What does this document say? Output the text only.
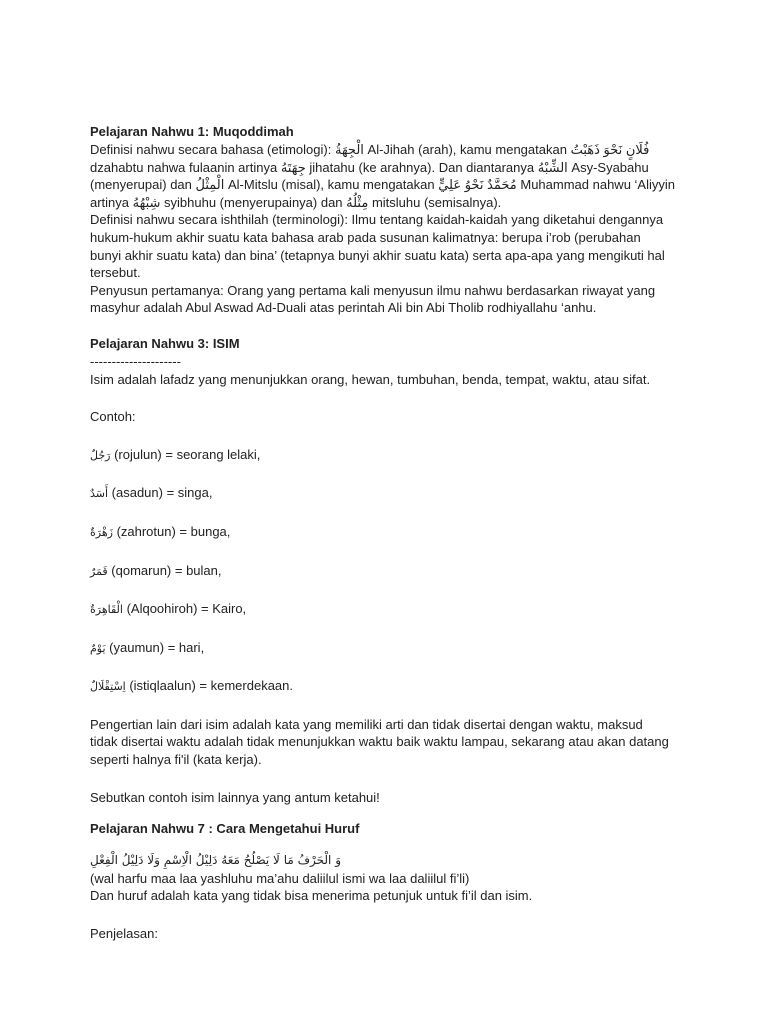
Pelajaran Nahwu 1: Muqoddimah
Definisi nahwu secara bahasa (etimologi): الْجِهَةُ Al-Jihah (arah), kamu mengatakan فُلَانٍ نَحْوَ ذَهَبْتُ
dzahabtu nahwa fulaanin artinya جِهَتَهُ jihatahu (ke arahnya). Dan diantaranya الشِّبْهُ Asy-Syabahu
(menyerupai) dan الْمِثْلُ Al-Mitslu (misal), kamu mengatakan مُحَمَّدٌ نَحْوُ عَلِيٍّ Muhammad nahwu ‘Aliyyin
artinya شِبْهُهُ syibhuhu (menyerupainya) dan مِثْلُهُ mitsluhu (semisalnya).
Definisi nahwu secara ishthilah (terminologi): Ilmu tentang kaidah-kaidah yang diketahui dengannya
hukum-hukum akhir suatu kata bahasa arab pada susunan kalimatnya: berupa i’rob (perubahan
bunyi akhir suatu kata) dan bina’ (tetapnya bunyi akhir suatu kata) serta apa-apa yang mengikuti hal
tersebut.
Penyusun pertamanya: Orang yang pertama kali menyusun ilmu nahwu berdasarkan riwayat yang
masyhur adalah Abul Aswad Ad-Duali atas perintah Ali bin Abi Tholib rodhiyallahu ‘anhu.
Pelajaran Nahwu 3: ISIM
---------------------
Isim adalah lafadz yang menunjukkan orang, hewan, tumbuhan, benda, tempat, waktu, atau sifat.
Contoh:
رَجُلٌ (rojulun) = seorang lelaki,
أَسَدٌ (asadun) = singa,
زَهْرَةٌ (zahrotun) = bunga,
قَمَرٌ (qomarun) = bulan,
الْقَاهِرَةُ (Alqoohiroh) = Kairo,
يَوْمٌ (yaumun) = hari,
اِسْتِقْلَالٌ (istiqlaalun) = kemerdekaan.
Pengertian lain dari isim adalah kata yang memiliki arti dan tidak disertai dengan waktu, maksud
tidak disertai waktu adalah tidak menunjukkan waktu baik waktu lampau, sekarang atau akan datang
seperti halnya fi'il (kata kerja).
Sebutkan contoh isim lainnya yang antum ketahui!
Pelajaran Nahwu 7 : Cara Mengetahui Huruf
وَ الْحَرْفُ مَا لَا يَصْلُحُ مَعَهُ دَلِيْلُ الْاِسْمِ وَلَا دَلِيْلُ الْفِعْلِ
(wal harfu maa laa yashluhu ma’ahu daliilul ismi wa laa daliilul fi’li)
Dan huruf adalah kata yang tidak bisa menerima petunjuk untuk fi’il dan isim.
Penjelasan:
